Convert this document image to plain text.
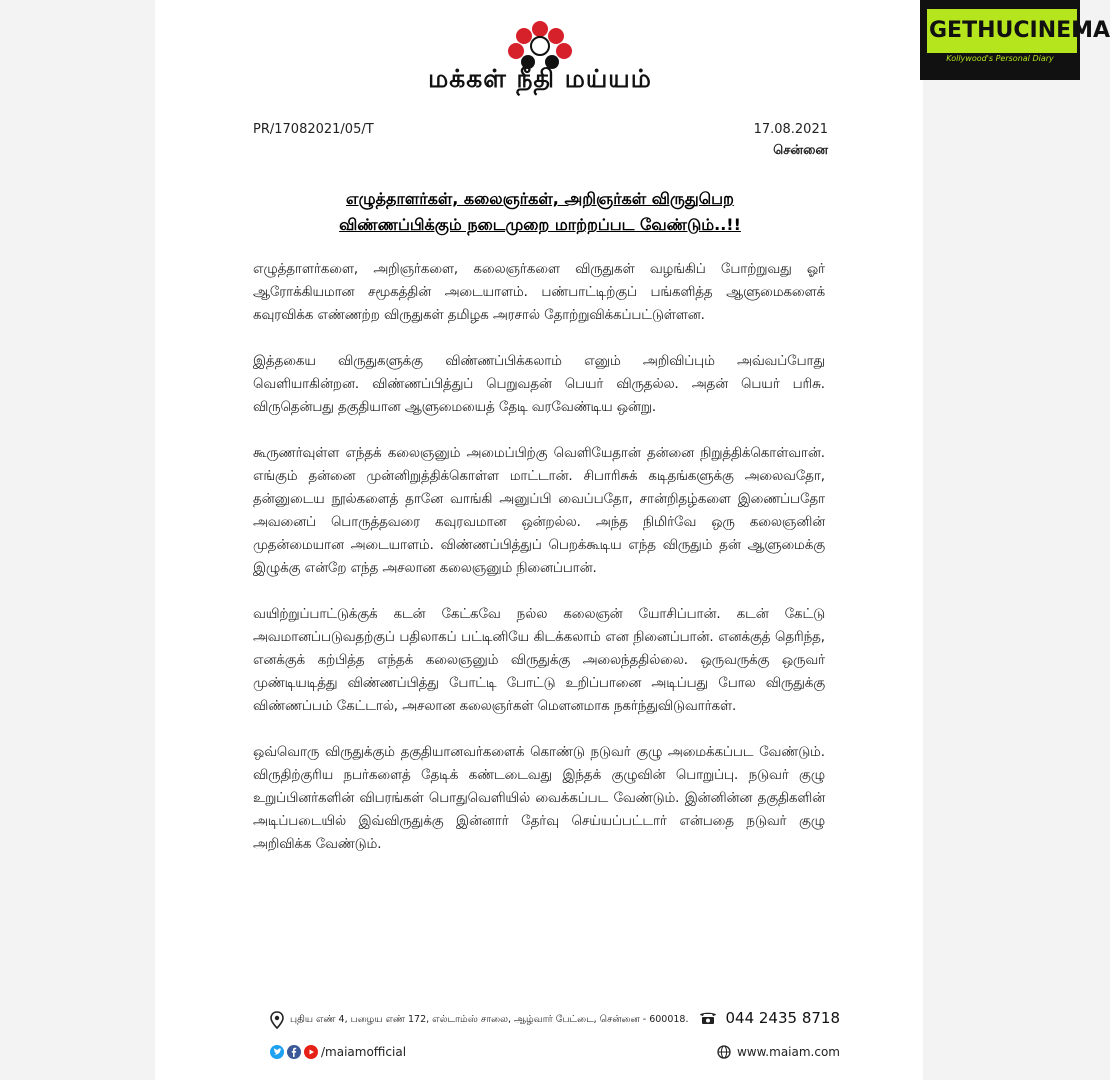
மக்கள் நீதி மய்யம்
PR/17082021/05/T	17.08.2021
சென்னை
எழுத்தாளர்கள், கலைஞர்கள், அறிஞர்கள் விருதுபெற
விண்ணப்பிக்கும் நடைமுறை மாற்றப்பட வேண்டும்..!!

எழுத்தாளர்களை, அறிஞர்களை, கலைஞர்களை விருதுகள் வழங்கிப் போற்றுவது ஓர் ஆரோக்கியமான சமூகத்தின் அடையாளம். பண்பாட்டிற்குப் பங்களித்த ஆளுமைகளைக் கவுரவிக்க எண்ணற்ற விருதுகள் தமிழக அரசால் தோற்றுவிக்கப்பட்டுள்ளன.

இத்தகைய விருதுகளுக்கு விண்ணப்பிக்கலாம் எனும் அறிவிப்பும் அவ்வப்போது வெளியாகின்றன. விண்ணப்பித்துப் பெறுவதன் பெயர் விருதல்ல. அதன் பெயர் பரிசு. விருதென்பது தகுதியான ஆளுமையைத் தேடி வரவேண்டிய ஒன்று.

கூருணர்வுள்ள எந்தக் கலைஞனும் அமைப்பிற்கு வெளியேதான் தன்னை நிறுத்திக்கொள்வான். எங்கும் தன்னை முன்னிறுத்திக்கொள்ள மாட்டான். சிபாரிசுக் கடிதங்களுக்கு அலைவதோ, தன்னுடைய நூல்களைத் தானே வாங்கி அனுப்பி வைப்பதோ, சான்றிதழ்களை இணைப்பதோ அவனைப் பொருத்தவரை கவுரவமான ஒன்றல்ல. அந்த நிமிர்வே ஒரு கலைஞனின் முதன்மையான அடையாளம். விண்ணப்பித்துப் பெறக்கூடிய எந்த விருதும் தன் ஆளுமைக்கு இழுக்கு என்றே எந்த அசலான கலைஞனும் நினைப்பான்.

வயிற்றுப்பாட்டுக்குக் கடன் கேட்கவே நல்ல கலைஞன் யோசிப்பான். கடன் கேட்டு அவமானப்படுவதற்குப் பதிலாகப் பட்டினியே கிடக்கலாம் என நினைப்பான். எனக்குத் தெரிந்த, எனக்குக் கற்பித்த எந்தக் கலைஞனும் விருதுக்கு அலைந்ததில்லை. ஒருவருக்கு ஒருவர் முண்டியடித்து விண்ணப்பித்து போட்டி போட்டு உறிப்பானை அடிப்பது போல விருதுக்கு விண்ணப்பம் கேட்டால், அசலான கலைஞர்கள் மௌனமாக நகர்ந்துவிடுவார்கள்.

ஒவ்வொரு விருதுக்கும் தகுதியானவர்களைக் கொண்டு நடுவர் குழு அமைக்கப்பட வேண்டும். விருதிற்குரிய நபர்களைத் தேடிக் கண்டடைவது இந்தக் குழுவின் பொறுப்பு. நடுவர் குழு உறுப்பினர்களின் விபரங்கள் பொதுவெளியில் வைக்கப்பட வேண்டும். இன்னின்ன தகுதிகளின் அடிப்படையில் இவ்விருதுக்கு இன்னார் தேர்வு செய்யப்பட்டார் என்பதை நடுவர் குழு அறிவிக்க வேண்டும்.

புதிய எண் 4, பழைய எண் 172, எல்டாம்ஸ் சாலை, ஆழ்வார் பேட்டை, சென்னை - 600018. 044 2435 8718
/maiamofficial	www.maiam.com
GETHUCINEMA
Kollywood's Personal Diary
